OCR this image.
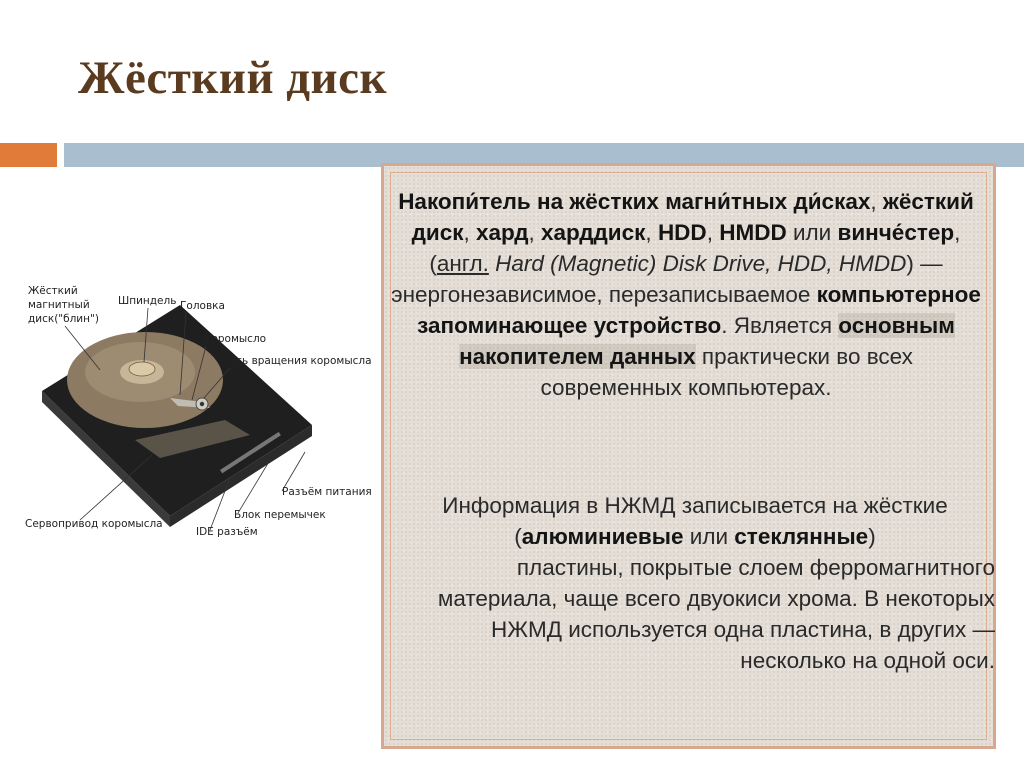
Жёсткий диск
Жёсткий
магнитный
диск("блин")
Шпиндель Головка
Коромысло
Ось вращения коромысла
Разъём питания
Блок перемычек
Сервопривод коромысла
IDE разъём

Накопи́тель на жёстких магни́тных ди́сках, жёсткий диск, хард, харддиск, HDD, HMDD или винче́стер, (англ. Hard (Magnetic) Disk Drive, HDD, HMDD) — энергонезависимое, перезаписываемое компьютерное запоминающее устройство. Является основным накопителем данных практически во всех современных компьютерах.

Информация в НЖМД записывается на жёсткие (алюминиевые или стеклянные)
пластины, покрытые слоем ферромагнитного материала, чаще всего двуокиси хрома. В некоторых НЖМД используется одна пластина, в других — несколько на одной оси.
